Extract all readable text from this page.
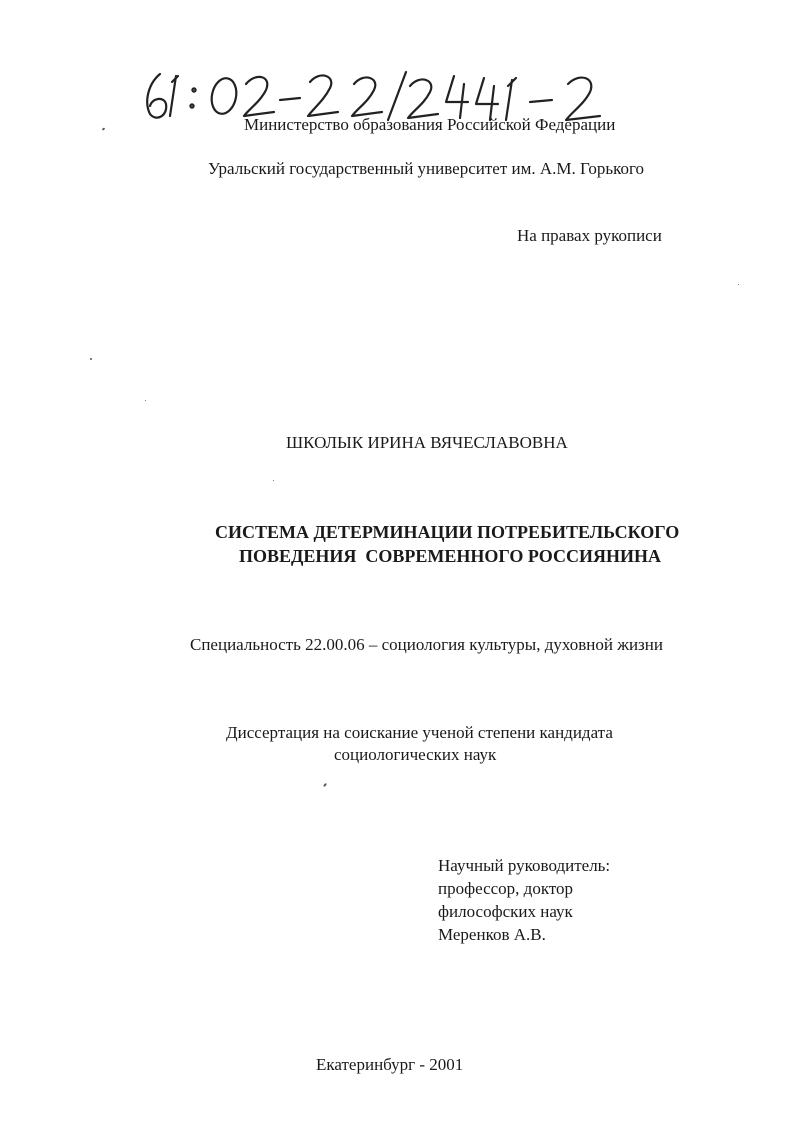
61:02-22/244-2
Министерство образования Российской Федерации
Уральский государственный университет им. А.М. Горького
На правах рукописи
ШКОЛЫК ИРИНА ВЯЧЕСЛАВОВНА
СИСТЕМА ДЕТЕРМИНАЦИИ ПОТРЕБИТЕЛЬСКОГО
ПОВЕДЕНИЯ  СОВРЕМЕННОГО РОССИЯНИНА
Специальность 22.00.06 – социология культуры, духовной жизни
Диссертация на соискание ученой степени кандидата
социологических наук
Научный руководитель:
профессор, доктор
философских наук
Меренков А.В.
Екатеринбург - 2001
